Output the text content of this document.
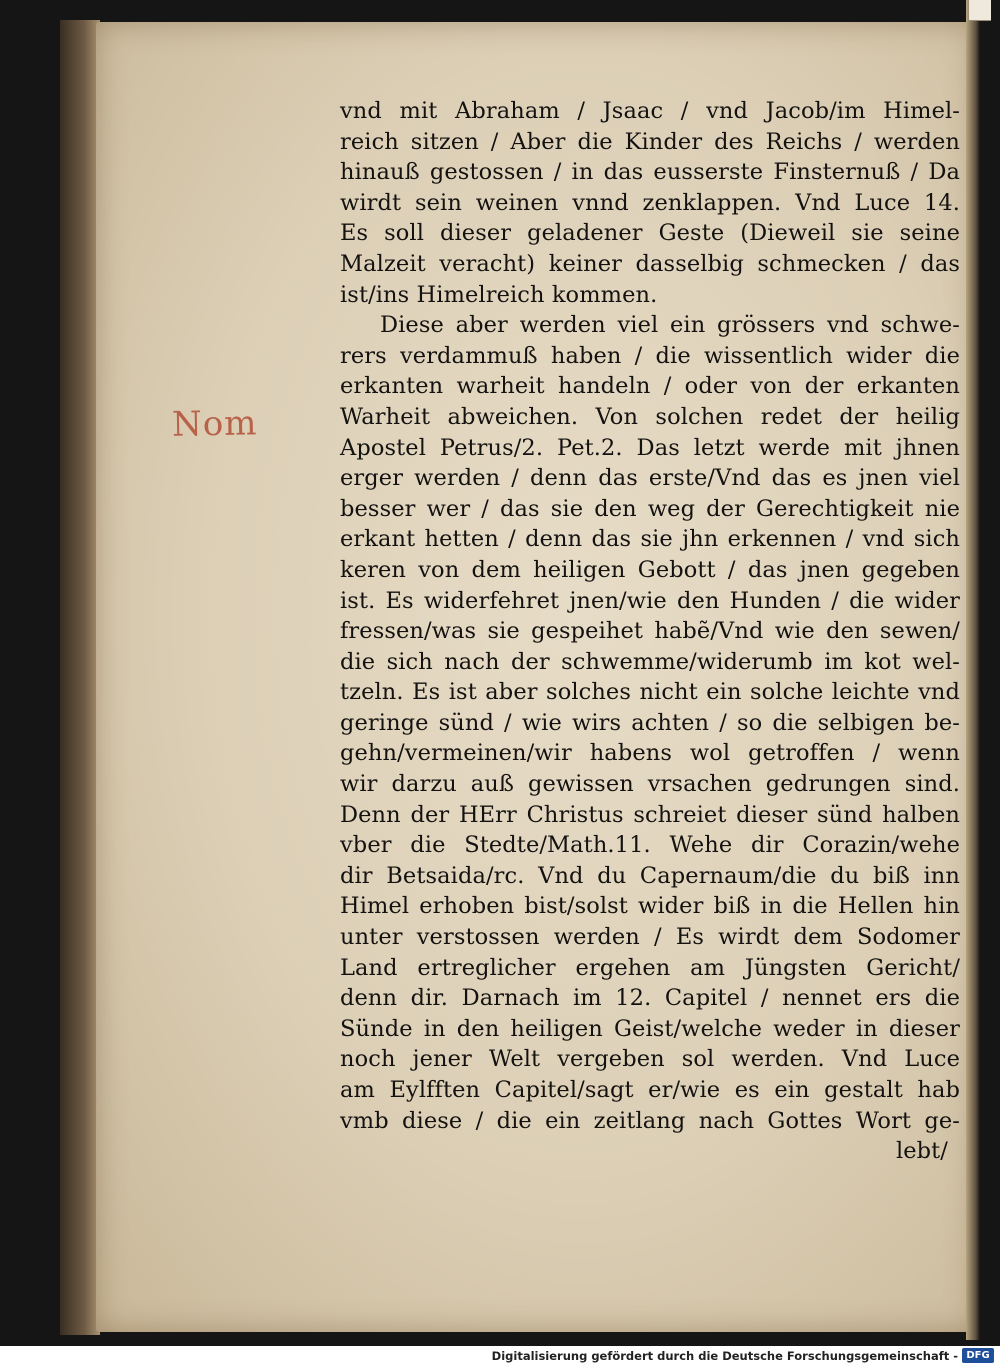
Nom
vnd mit Abraham / Jsaac / vnd Jacob/im Himel-
reich sitzen / Aber die Kinder des Reichs / werden
hinauß gestossen / in das eusserste Finsternuß / Da
wirdt sein weinen vnnd zenklappen. Vnd Luce 14.
Es soll dieser geladener Geste (Dieweil sie seine
Malzeit veracht) keiner dasselbig schmecken / das
ist/ins Himelreich kommen.
Diese aber werden viel ein grössers vnd schwe-
rers verdammuß haben / die wissentlich wider die
erkanten warheit handeln / oder von der erkanten
Warheit abweichen. Von solchen redet der heilig
Apostel Petrus/2. Pet.2. Das letzt werde mit jhnen
erger werden / denn das erste/Vnd das es jnen viel
besser wer / das sie den weg der Gerechtigkeit nie
erkant hetten / denn das sie jhn erkennen / vnd sich
keren von dem heiligen Gebott / das jnen gegeben
ist. Es widerfehret jnen/wie den Hunden / die wider
fressen/was sie gespeihet habẽ/Vnd wie den sewen/
die sich nach der schwemme/widerumb im kot wel-
tzeln. Es ist aber solches nicht ein solche leichte vnd
geringe sünd / wie wirs achten / so die selbigen be-
gehn/vermeinen/wir habens wol getroffen / wenn
wir darzu auß gewissen vrsachen gedrungen sind.
Denn der HErr Christus schreiet dieser sünd halben
vber die Stedte/Math.11. Wehe dir Corazin/wehe
dir Betsaida/rc. Vnd du Capernaum/die du biß inn
Himel erhoben bist/solst wider biß in die Hellen hin
unter verstossen werden / Es wirdt dem Sodomer
Land ertreglicher ergehen am Jüngsten Gericht/
denn dir. Darnach im 12. Capitel / nennet ers die
Sünde in den heiligen Geist/welche weder in dieser
noch jener Welt vergeben sol werden. Vnd Luce
am Eylfften Capitel/sagt er/wie es ein gestalt hab
vmb diese / die ein zeitlang nach Gottes Wort ge-
lebt/
Digitalisierung gefördert durch die Deutsche Forschungsgemeinschaft - DFG
